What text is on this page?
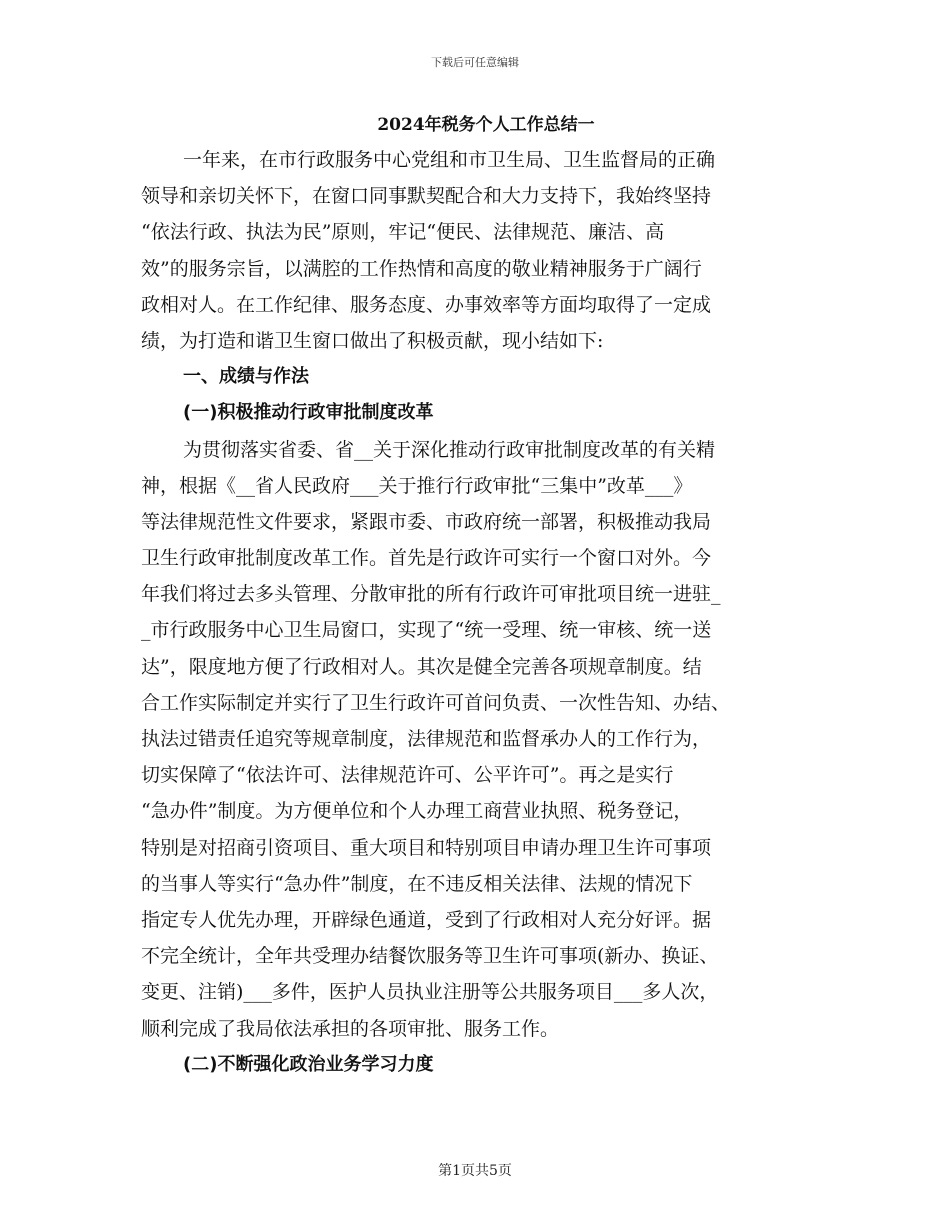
下载后可任意编辑
2024年税务个人工作总结一
一年来，在市行政服务中心党组和市卫生局、卫生监督局的正确
领导和亲切关怀下，在窗口同事默契配合和大力支持下，我始终坚持
“依法行政、执法为民”原则，牢记“便民、法律规范、廉洁、高
效”的服务宗旨，以满腔的工作热情和高度的敬业精神服务于广阔行
政相对人。在工作纪律、服务态度、办事效率等方面均取得了一定成
绩，为打造和谐卫生窗口做出了积极贡献，现小结如下:
一、成绩与作法
(一)积极推动行政审批制度改革
为贯彻落实省委、省__关于深化推动行政审批制度改革的有关精
神，根据《__省人民政府___关于推行行政审批“三集中”改革___》
等法律规范性文件要求，紧跟市委、市政府统一部署，积极推动我局
卫生行政审批制度改革工作。首先是行政许可实行一个窗口对外。今
年我们将过去多头管理、分散审批的所有行政许可审批项目统一进驻_
_市行政服务中心卫生局窗口，实现了“统一受理、统一审核、统一送
达”，限度地方便了行政相对人。其次是健全完善各项规章制度。结
合工作实际制定并实行了卫生行政许可首问负责、一次性告知、办结、
执法过错责任追究等规章制度，法律规范和监督承办人的工作行为，
切实保障了“依法许可、法律规范许可、公平许可”。再之是实行
“急办件”制度。为方便单位和个人办理工商营业执照、税务登记，
特别是对招商引资项目、重大项目和特别项目申请办理卫生许可事项
的当事人等实行“急办件”制度，在不违反相关法律、法规的情况下
指定专人优先办理，开辟绿色通道，受到了行政相对人充分好评。据
不完全统计，全年共受理办结餐饮服务等卫生许可事项(新办、换证、
变更、注销)___多件，医护人员执业注册等公共服务项目___多人次，
顺利完成了我局依法承担的各项审批、服务工作。
(二)不断强化政治业务学习力度
第1页共5页
